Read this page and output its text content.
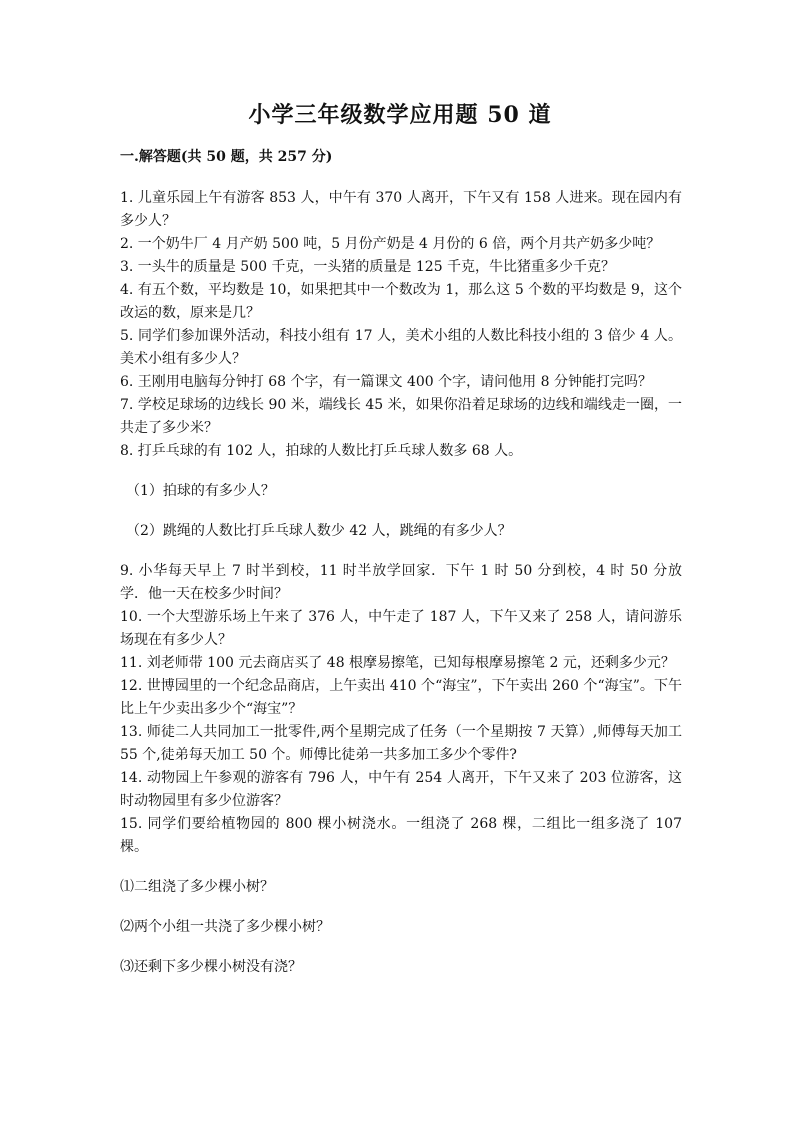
小学三年级数学应用题 50 道

一.解答题(共 50 题，共 257 分)

1. 儿童乐园上午有游客 853 人，中午有 370 人离开，下午又有 158 人进来。现在园内有多少人？

2. 一个奶牛厂 4 月产奶 500 吨，5 月份产奶是 4 月份的 6 倍，两个月共产奶多少吨？

3. 一头牛的质量是 500 千克，一头猪的质量是 125 千克，牛比猪重多少千克？

4. 有五个数，平均数是 10，如果把其中一个数改为 1，那么这 5 个数的平均数是 9，这个改运的数，原来是几？

5. 同学们参加课外活动，科技小组有 17 人，美术小组的人数比科技小组的 3 倍少 4 人。美术小组有多少人？

6. 王刚用电脑每分钟打 68 个字，有一篇课文 400 个字，请问他用 8 分钟能打完吗？

7. 学校足球场的边线长 90 米，端线长 45 米，如果你沿着足球场的边线和端线走一圈，一共走了多少米？

8. 打乒乓球的有 102 人，拍球的人数比打乒乓球人数多 68 人。

（1）拍球的有多少人？

（2）跳绳的人数比打乒乓球人数少 42 人，跳绳的有多少人？

9. 小华每天早上 7 时半到校，11 时半放学回家．下午 1 时 50 分到校，4 时 50 分放学．他一天在校多少时间？

10. 一个大型游乐场上午来了 376 人，中午走了 187 人，下午又来了 258 人，请问游乐场现在有多少人？

11. 刘老师带 100 元去商店买了 48 根摩易擦笔，已知每根摩易擦笔 2 元，还剩多少元？

12. 世博园里的一个纪念品商店，上午卖出 410 个“海宝”，下午卖出 260 个“海宝”。下午比上午少卖出多少个“海宝”？

13. 师徒二人共同加工一批零件,两个星期完成了任务（一个星期按 7 天算）,师傅每天加工 55 个,徒弟每天加工 50 个。师傅比徒弟一共多加工多少个零件?

14. 动物园上午参观的游客有 796 人，中午有 254 人离开，下午又来了 203 位游客，这时动物园里有多少位游客？

15. 同学们要给植物园的 800 棵小树浇水。一组浇了 268 棵，二组比一组多浇了 107 棵。

⑴二组浇了多少棵小树？

⑵两个小组一共浇了多少棵小树？

⑶还剩下多少棵小树没有浇？
